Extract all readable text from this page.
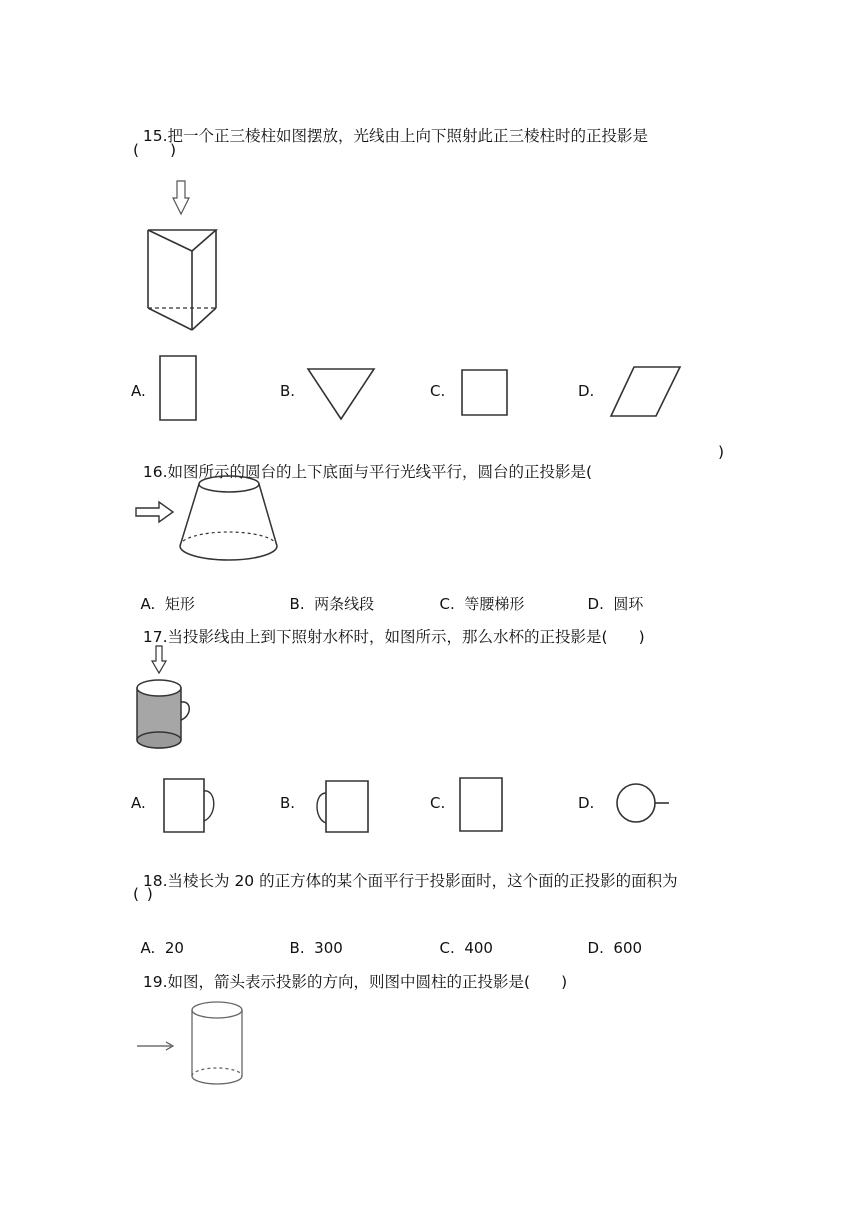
15.把一个正三棱柱如图摆放，光线由上向下照射此正三棱柱时的正投影是

(  )
A.	B.	C.	D.

16.如图所示的圆台的上下底面与平行光线平行，圆台的正投影是(

)

A. 矩形	B. 两条线段	C. 等腰梯形	D. 圆环

17.当投影线由上到下照射水杯时，如图所示，那么水杯的正投影是(  )

A.	B.	C.	D.

18.当棱长为 20 的正方体的某个面平行于投影面时，这个面的正投影的面积为

( )

A. 20	B. 300	C. 400	D. 600

19.如图，箭头表示投影的方向，则图中圆柱的正投影是(  )
